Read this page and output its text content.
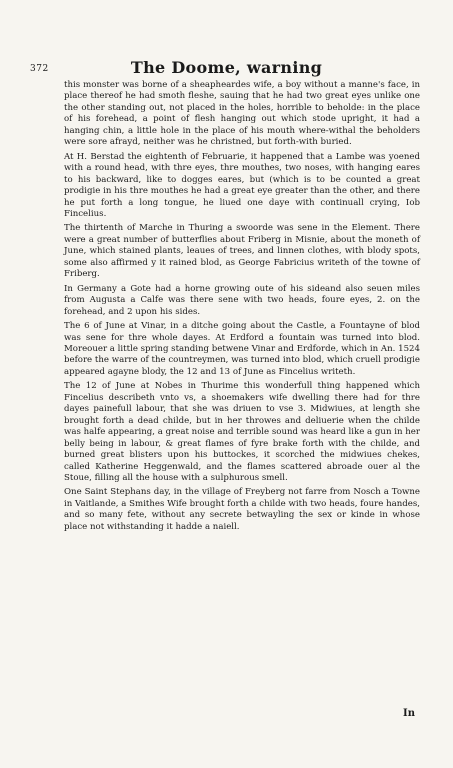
372	The Doome, warning

this monster was borne of a sheapheardes wife, a boy without a manne's face, in place thereof he had smoth fleshe, sauing that he had two great eyes unlike one the other standing out, not placed in the holes, horrible to beholde: in the place of his forehead, a point of flesh hanging out which stode upright, it had a hanging chin, a little hole in the place of his mouth where-withal the beholders were sore afrayd, neither was he christned, but forth-with buried.

At H. Berstad the eightenth of Februarie, it happened that a Lambe was yoened with a round head, with thre eyes, thre mouthes, two noses, with hanging eares to his backward, like to dogges eares, but (which is to be counted a great prodigie in his thre mouthes he had a great eye greater than the other, and there he put forth a long tongue, he liued one daye with continuall crying, Iob Fincelius.

The thirtenth of Marche in Thuring a swoorde was sene in the Element. There were a great number of butterflies about Friberg in Misnie, about the moneth of June, which stained plants, leaues of trees, and linnen clothes, with blody spots, some also affirmed y it rained blod, as George Fabricius writeth of the towne of Friberg.

In Germany a Gote had a horne growing oute of his sideand also seuen miles from Augusta a Calfe was there sene with two heads, foure eyes, 2. on the forehead, and 2 upon his sides.

The 6 of June at Vinar, in a ditche going about the Castle, a Fountayne of blod was sene for thre whole dayes. At Erdford a fountain was turned into blod. Moreouer a little spring standing betwene Vinar and Erdforde, which in An. 1524 before the warre of the countreymen, was turned into blod, which cruell prodigie appeared agayne blody, the 12 and 13 of June as Fincelius writeth.

The 12 of June at Nobes in Thurime this wonderfull thing happened which Fincelius describeth vnto vs, a shoemakers wife dwelling there had for thre dayes painefull labour, that she was driuen to vse 3. Midwiues, at length she brought forth a dead childe, but in her throwes and deliuerie when the childe was halfe appearing, a great noise and terrible sound was heard like a gun in her belly being in labour, & great flames of fyre brake forth with the childe, and burned great blisters upon his buttockes, it scorched the midwiues chekes, called Katherine Heggenwald, and the flames scattered abroade ouer al the Stoue, filling all the house with a sulphurous smell.

One Saint Stephans day, in the village of Freyberg not farre from Nosch a Towne in Vaitlande, a Smithes Wife brought forth a childe with two heads, foure handes, and so many fete, without any secrete betwayling the sex or kinde in whose place not withstanding it hadde a naiell.

In
